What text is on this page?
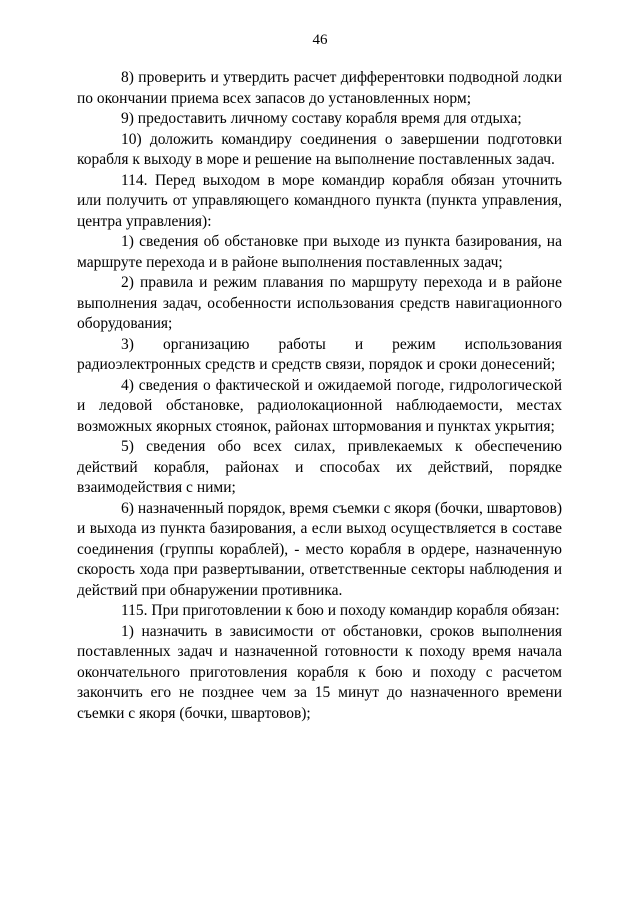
46

8) проверить и утвердить расчет дифферентовки подводной лодки по окончании приема всех запасов до установленных норм;

9) предоставить личному составу корабля время для отдыха;

10) доложить командиру соединения о завершении подготовки корабля к выходу в море и решение на выполнение поставленных задач.

114. Перед выходом в море командир корабля обязан уточнить или получить от управляющего командного пункта (пункта управления, центра управления):

1) сведения об обстановке при выходе из пункта базирования, на маршруте перехода и в районе выполнения поставленных задач;

2) правила и режим плавания по маршруту перехода и в районе выполнения задач, особенности использования средств навигационного оборудования;

3) организацию работы и режим использования радиоэлектронных средств и средств связи, порядок и сроки донесений;

4) сведения о фактической и ожидаемой погоде, гидрологической и ледовой обстановке, радиолокационной наблюдаемости, местах возможных якорных стоянок, районах штормования и пунктах укрытия;

5) сведения обо всех силах, привлекаемых к обеспечению действий корабля, районах и способах их действий, порядке взаимодействия с ними;

6) назначенный порядок, время съемки с якоря (бочки, швартовов) и выхода из пункта базирования, а если выход осуществляется в составе соединения (группы кораблей), - место корабля в ордере, назначенную скорость хода при развертывании, ответственные секторы наблюдения и действий при обнаружении противника.

115. При приготовлении к бою и походу командир корабля обязан:

1) назначить в зависимости от обстановки, сроков выполнения поставленных задач и назначенной готовности к походу время начала окончательного приготовления корабля к бою и походу с расчетом закончить его не позднее чем за 15 минут до назначенного времени съемки с якоря (бочки, швартовов);
